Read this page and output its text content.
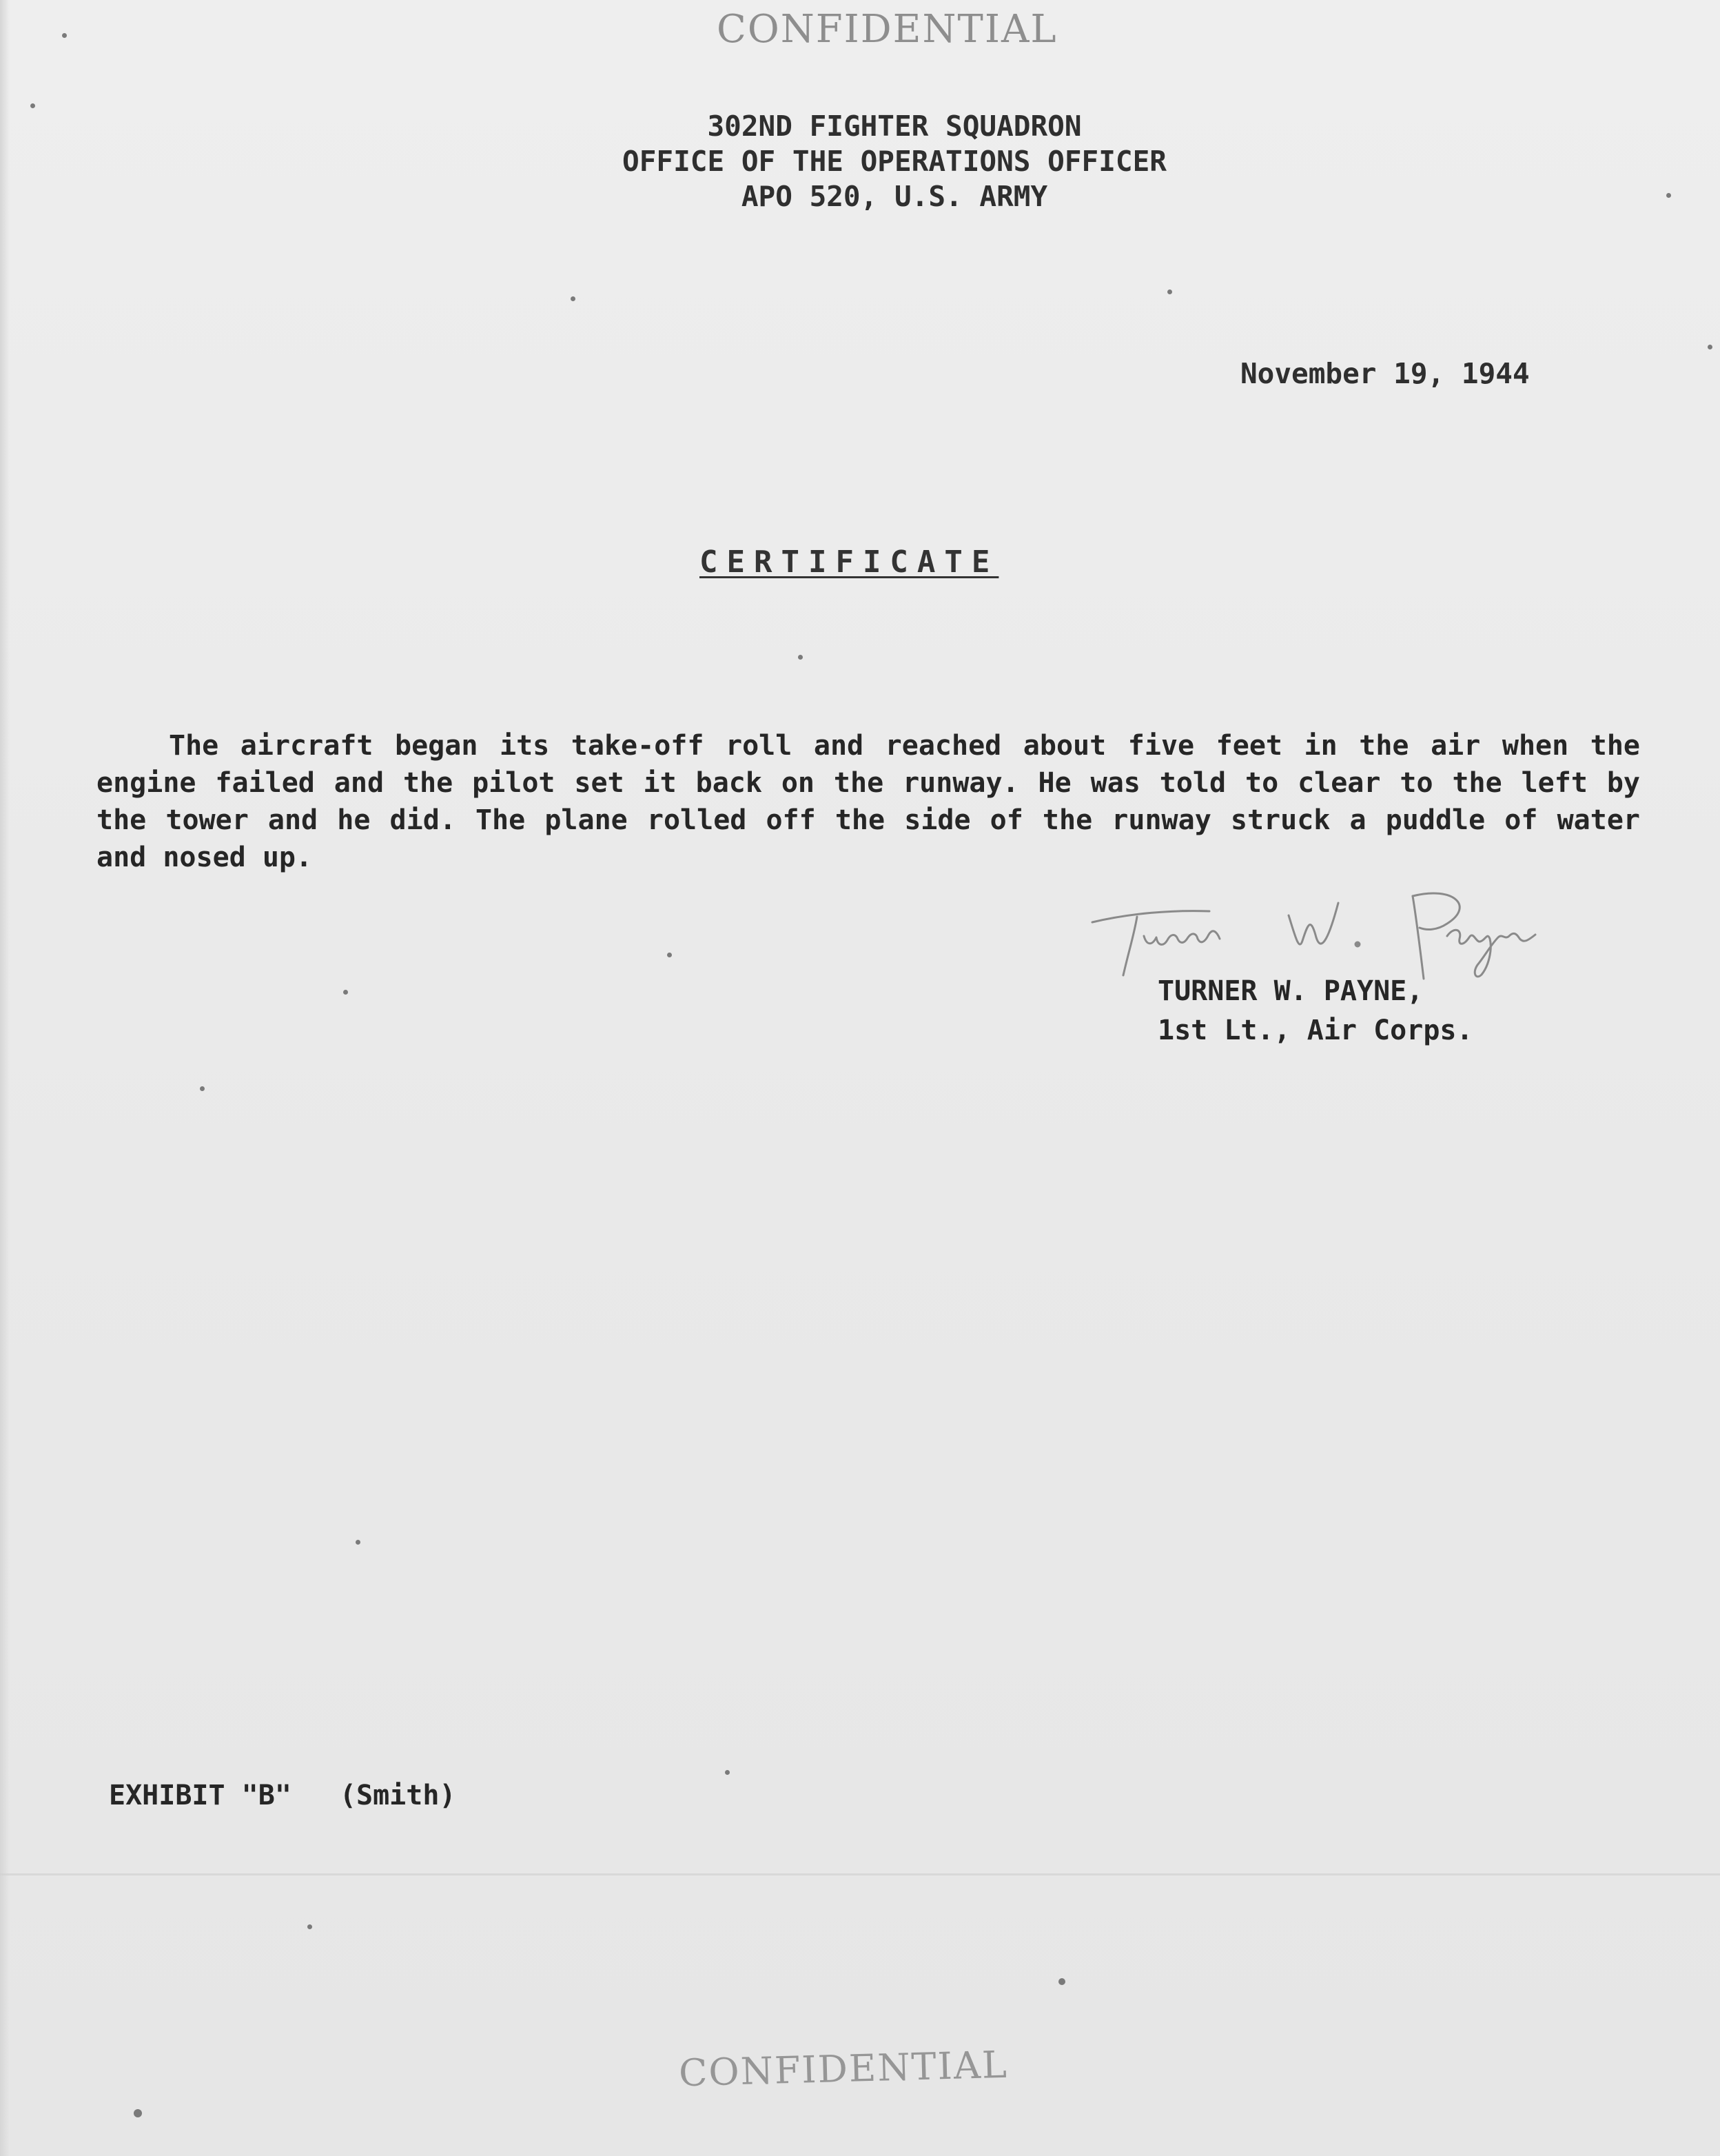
CONFIDENTIAL
302ND FIGHTER SQUADRON
OFFICE OF THE OPERATIONS OFFICER
APO 520, U.S. ARMY
November 19, 1944
CERTIFICATE

The aircraft began its take-off roll and reached about five feet in the air when the engine failed and the pilot set it back on the runway. He was told to clear to the left by the tower and he did. The plane rolled off the side of the runway struck a puddle of water and nosed up.

TURNER W. PAYNE,
1st Lt., Air Corps.
EXHIBIT "B" (Smith)
CONFIDENTIAL
